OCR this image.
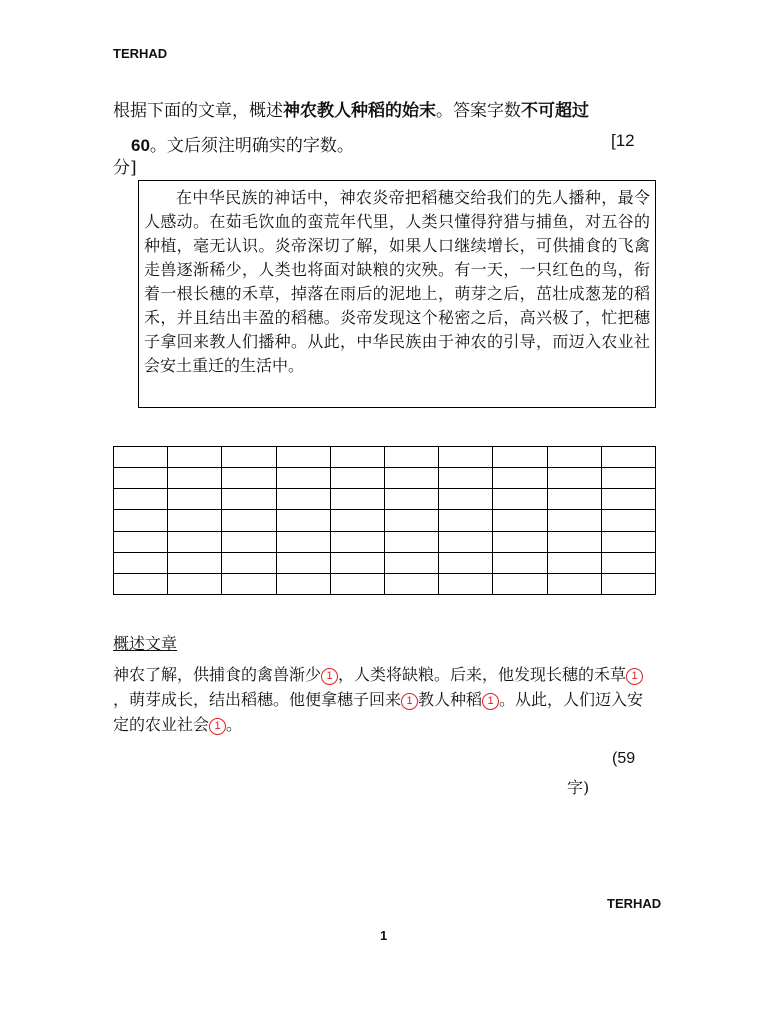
TERHAD
根据下面的文章，概述神农教人种稻的始末。答案字数不可超过
60。文后须注明确实的字数。	[12
分]
在中华民族的神话中，神农炎帝把稻穗交给我们的先人播种，最令人感动。在茹毛饮血的蛮荒年代里，人类只懂得狩猎与捕鱼，对五谷的种植，毫无认识。炎帝深切了解，如果人口继续增长，可供捕食的飞禽走兽逐渐稀少，人类也将面对缺粮的灾殃。有一天，一只红色的鸟，衔着一根长穗的禾草，掉落在雨后的泥地上，萌芽之后，茁壮成葱茏的稻禾，并且结出丰盈的稻穗。炎帝发现这个秘密之后，高兴极了，忙把穗子拿回来教人们播种。从此，中华民族由于神农的引导，而迈入农业社会安土重迁的生活中。

概述文章
神农了解，供捕食的禽兽渐少 1 ，人类将缺粮。后来，他发现长穗的禾草 1，萌芽成长，结出稻穗。他便拿穗子回来 1 教人种稻 1 。从此，人们迈入安定的农业社会 1 。
(59
字)
TERHAD
1
